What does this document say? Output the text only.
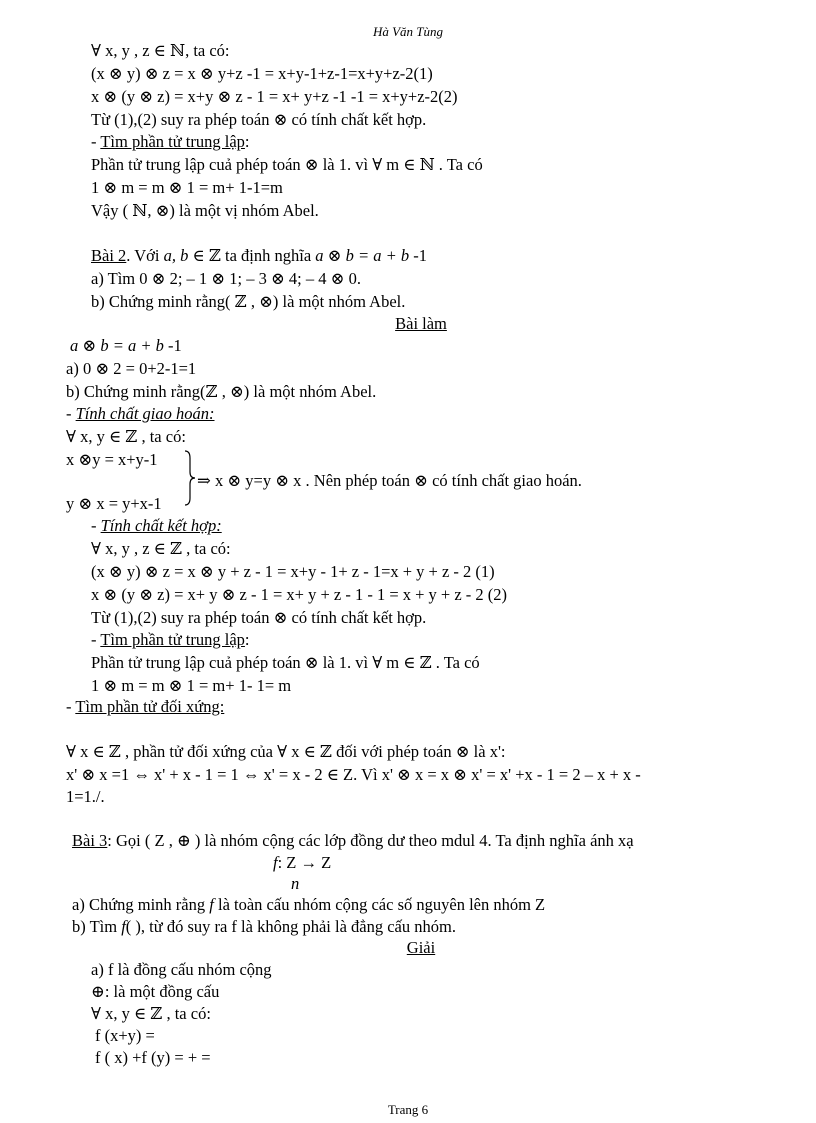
Hà Văn Tùng
∀ x, y , z ∈ ℕ, ta có:
(x ⊗ y) ⊗ z = x ⊗ y+z -1 = x+y-1+z-1=x+y+z-2(1)
x ⊗ (y ⊗ z) = x+y ⊗ z - 1 = x+ y+z -1 -1 = x+y+z-2(2)
Từ (1),(2) suy ra phép toán ⊗ có tính chất kết hợp.
- Tìm phần tử trung lập:
Phần tử trung lập cuả phép toán ⊗ là 1. vì ∀ m ∈ ℕ . Ta có
1 ⊗ m = m ⊗ 1 = m+ 1-1=m
Vậy ( ℕ, ⊗) là một vị nhóm Abel.
Bài 2. Với a, b ∈ ℤ ta định nghĩa a ⊗ b = a + b -1
a) Tìm 0 ⊗ 2; – 1 ⊗ 1; – 3 ⊗ 4; – 4 ⊗ 0.
b) Chứng minh rằng( ℤ , ⊗) là một nhóm Abel.
Bài làm
a ⊗ b = a + b -1
a) 0 ⊗ 2 = 0+2-1=1
b) Chứng minh rằng(ℤ , ⊗) là một nhóm Abel.
- Tính chất giao hoán:
∀ x, y ∈ ℤ , ta có:
x ⊗y = x+y-1
⇒ x ⊗ y=y ⊗ x . Nên phép toán ⊗ có tính chất giao hoán.
y ⊗ x = y+x-1
- Tính chất kết hợp:
∀ x, y , z ∈ ℤ , ta có:
(x ⊗ y) ⊗ z = x ⊗ y + z - 1 = x+y - 1+ z - 1=x + y + z - 2 (1)
x ⊗ (y ⊗ z) = x+ y ⊗ z - 1 = x+ y + z - 1 - 1 = x + y + z - 2 (2)
Từ (1),(2) suy ra phép toán ⊗ có tính chất kết hợp.
- Tìm phần tử trung lập:
Phần tử trung lập cuả phép toán ⊗ là 1. vì ∀ m ∈ ℤ . Ta có
1 ⊗ m = m ⊗ 1 = m+ 1- 1= m
- Tìm phần tử đối xứng:
∀ x ∈ ℤ , phần tử đối xứng của ∀ x ∈ ℤ đối với phép toán ⊗ là x':
x' ⊗ x =1 ⇔ x' + x - 1 = 1 ⇔ x' = x - 2 ∈ Z. Vì x' ⊗ x = x ⊗ x' = x' +x - 1 = 2 – x + x -
1=1./.
Bài 3: Gọi ( Z , ⊕ ) là nhóm cộng các lớp đồng dư theo mdul 4. Ta định nghĩa ánh xạ
f: Z → Z
n
a) Chứng minh rằng f là toàn cấu nhóm cộng các số nguyên lên nhóm Z
b) Tìm f( ), từ đó suy ra f là không phải là đẳng cấu nhóm.
Giải
a) f là đồng cấu nhóm cộng
⊕: là một đồng cấu
∀ x, y ∈ ℤ , ta có:
f (x+y) =
f ( x) +f (y) = + =
Trang 6
